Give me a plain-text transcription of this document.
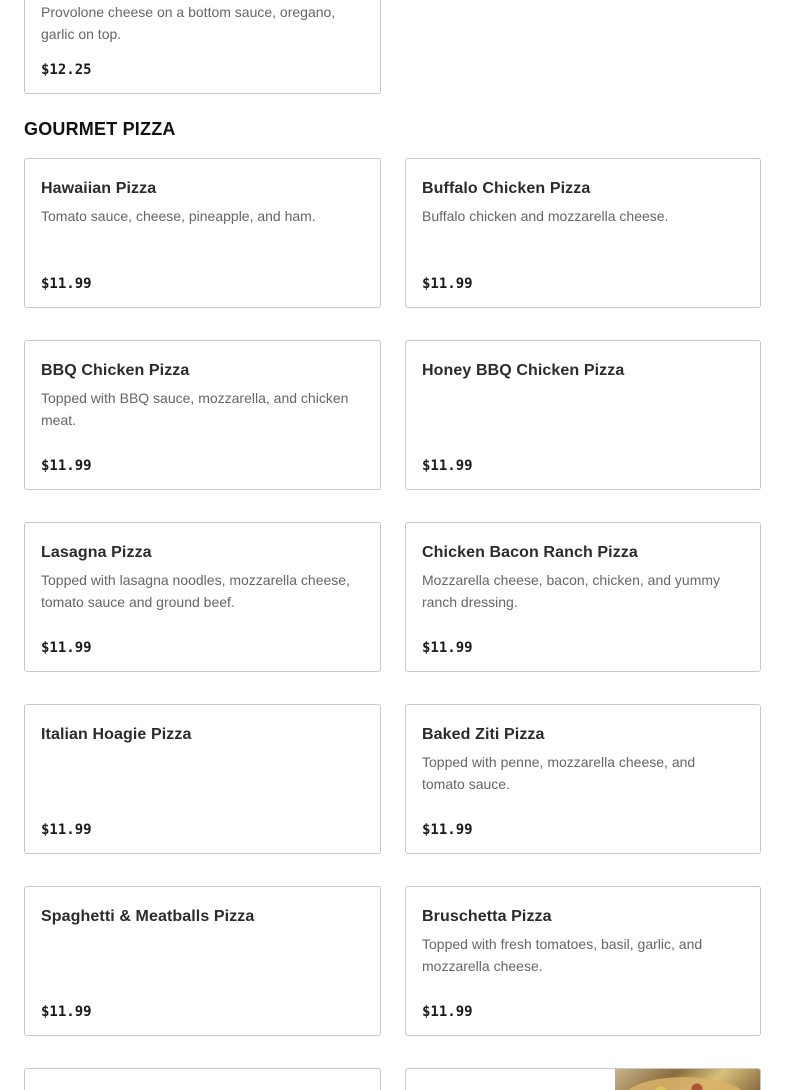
Provolone cheese on a bottom sauce, oregano, garlic on top.
$12.25
GOURMET PIZZA
Hawaiian Pizza
Tomato sauce, cheese, pineapple, and ham.
$11.99
Buffalo Chicken Pizza
Buffalo chicken and mozzarella cheese.
$11.99
BBQ Chicken Pizza
Topped with BBQ sauce, mozzarella, and chicken meat.
$11.99
Honey BBQ Chicken Pizza
$11.99
Lasagna Pizza
Topped with lasagna noodles, mozzarella cheese, tomato sauce and ground beef.
$11.99
Chicken Bacon Ranch Pizza
Mozzarella cheese, bacon, chicken, and yummy ranch dressing.
$11.99
Italian Hoagie Pizza
$11.99
Baked Ziti Pizza
Topped with penne, mozzarella cheese, and tomato sauce.
$11.99
Spaghetti & Meatballs Pizza
$11.99
Bruschetta Pizza
Topped with fresh tomatoes, basil, garlic, and mozzarella cheese.
$11.99
